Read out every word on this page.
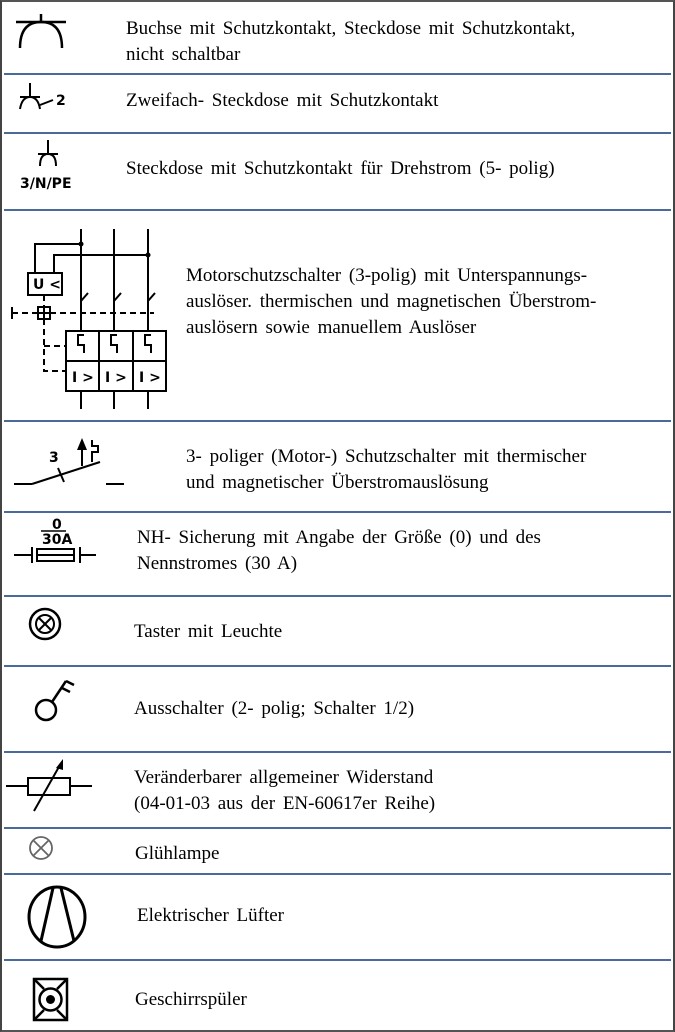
Buchse mit Schutzkontakt, Steckdose mit Schutzkontakt,
nicht schaltbar
2	Zweifach- Steckdose mit Schutzkontakt
3/N/PE
Steckdose mit Schutzkontakt für Drehstrom (5- polig)
U <
I > I > I >
Motorschutzschalter (3-polig) mit Unterspannungs-
auslöser. thermischen und magnetischen Überstrom-
auslösern sowie manuellem Auslöser
3	3- poliger (Motor-) Schutzschalter mit thermischer
und magnetischer Überstromauslösung
0
30A	NH- Sicherung mit Angabe der Größe (0) und des
Nennstromes (30 A)
Taster mit Leuchte
Ausschalter (2- polig; Schalter 1/2)
Veränderbarer allgemeiner Widerstand
(04-01-03 aus der EN-60617er Reihe)
Glühlampe
Elektrischer Lüfter
Geschirrspüler
